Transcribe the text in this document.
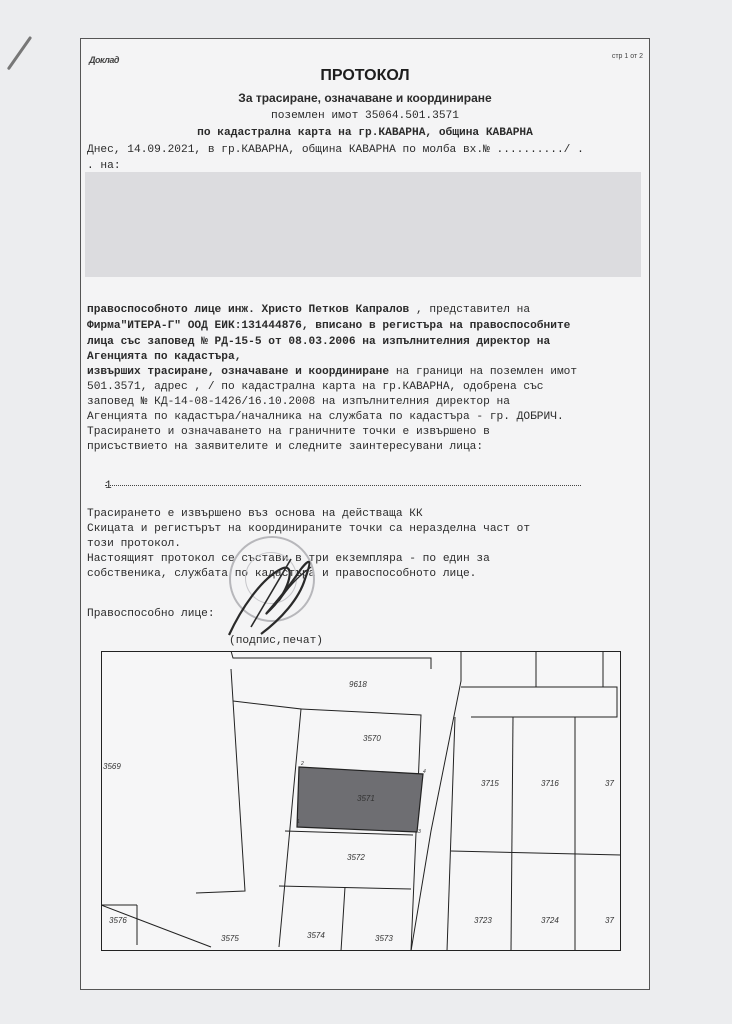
Доклад	стр 1 от 2
ПРОТОКОЛ
За трасиране, означаване и координиране
поземлен имот 35064.501.3571
по кадастрална карта на гр.КАВАРНА, община КАВАРНА
Днес, 14.09.2021, в гр.КАВАРНА, община КАВАРНА по молба вх.№ ........../ .
. на:
правоспособното лице инж. Христо Петков Капралов , представител на
Фирма"ИТЕРА-Г" ООД ЕИК:131444876, вписано в регистъра на правоспособните
лица със заповед № РД-15-5 от 08.03.2006 на изпълнителния директор на
Агенцията по кадастъра,
извърших трасиране, означаване и координиране на граници на поземлен имот
501.3571, адрес , / по кадастрална карта на гр.КАВАРНА, одобрена със
заповед № КД-14-08-1426/16.10.2008 на изпълнителния директор на
Агенцията по кадастъра/началника на службата по кадастъра - гр. ДОБРИЧ.
Трасирането и означаването на граничните точки е извършено в
присъствието на заявителите и следните заинтересувани лица:
1
Трасирането е извършено въз основа на действаща КК
Скицата и регистърът на координираните точки са неразделна част от
този протокол.
Настоящият протокол се състави в три екземпляра - по един за
собственика, службата по кадастъра и правоспособното лице.
Правоспособно лице:
(подпис,печат)
9618
3570
3571
3572
3569
3715	3716	37
3576
3575	3574	3573
3723	3724	37
1
2
3
4
